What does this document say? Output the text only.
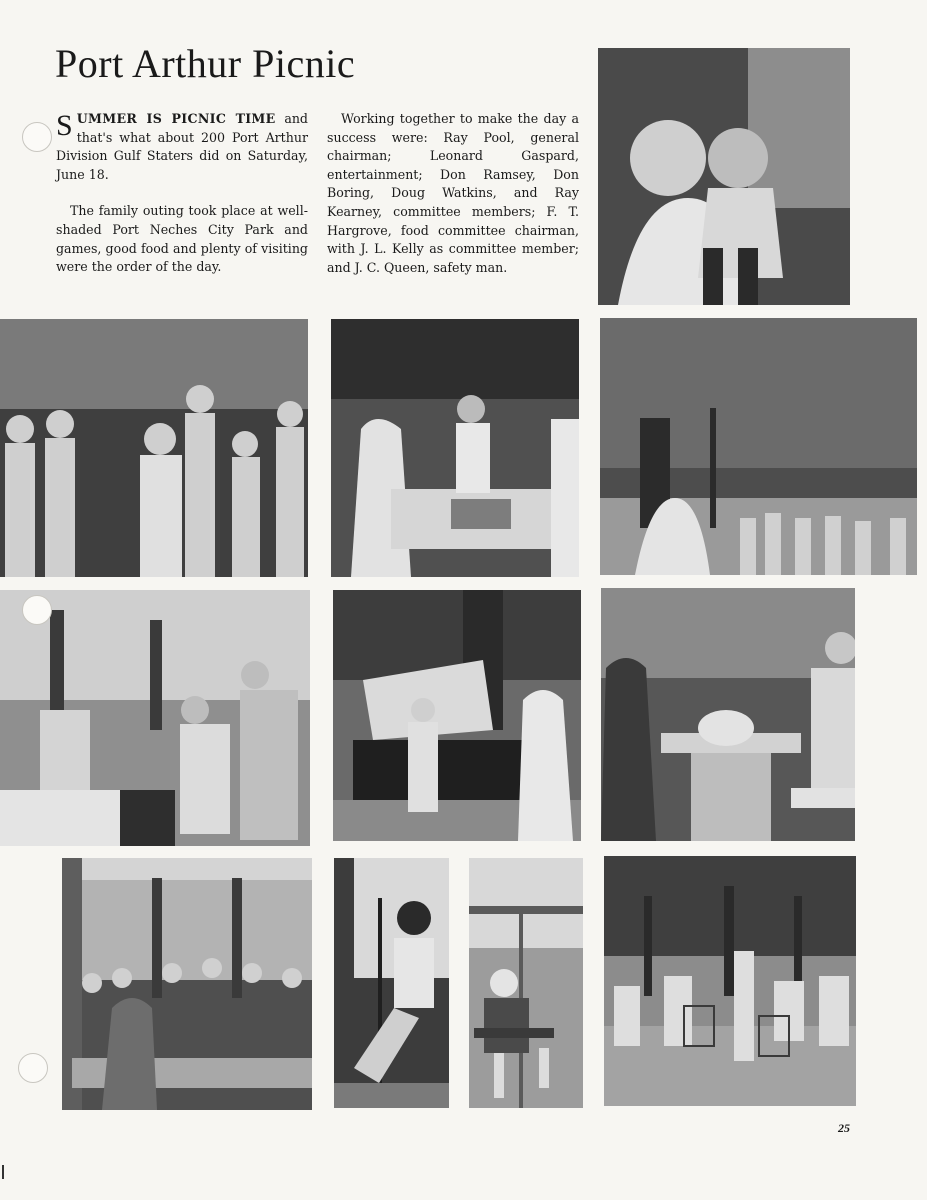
Port Arthur Picnic

SUMMER IS PICNIC TIME and that's what about 200 Port Arthur Division Gulf Staters did on Saturday, June 18.

The family outing took place at well-shaded Port Neches City Park and games, good food and plenty of visiting were the order of the day.

Working together to make the day a success were: Ray Pool, general chairman; Leonard Gaspard, entertainment; Don Ramsey, Don Boring, Doug Watkins, and Ray Kearney, committee members; F. T. Hargrove, food committee chairman, with J. L. Kelly as committee member; and J. C. Queen, safety man.

25
